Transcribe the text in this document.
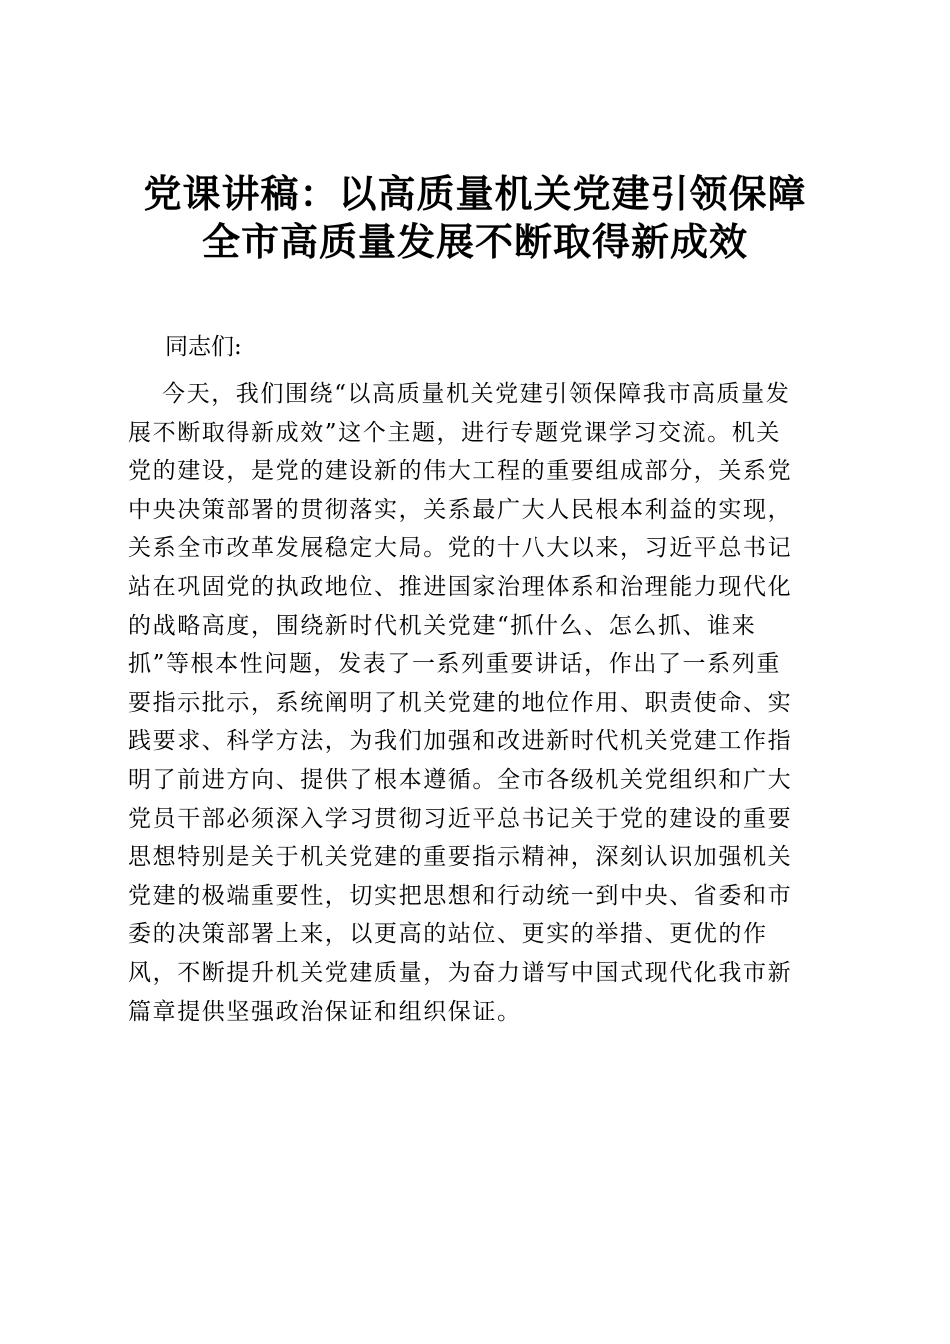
党课讲稿：以高质量机关党建引领保障
全市高质量发展不断取得新成效

同志们:

今天，我们围绕“以高质量机关党建引领保障我市高质量发
展不断取得新成效”这个主题，进行专题党课学习交流。机关
党的建设，是党的建设新的伟大工程的重要组成部分，关系党
中央决策部署的贯彻落实，关系最广大人民根本利益的实现，
关系全市改革发展稳定大局。党的十八大以来，习近平总书记
站在巩固党的执政地位、推进国家治理体系和治理能力现代化
的战略高度，围绕新时代机关党建“抓什么、怎么抓、谁来
抓”等根本性问题，发表了一系列重要讲话，作出了一系列重
要指示批示，系统阐明了机关党建的地位作用、职责使命、实
践要求、科学方法，为我们加强和改进新时代机关党建工作指
明了前进方向、提供了根本遵循。全市各级机关党组织和广大
党员干部必须深入学习贯彻习近平总书记关于党的建设的重要
思想特别是关于机关党建的重要指示精神，深刻认识加强机关
党建的极端重要性，切实把思想和行动统一到中央、省委和市
委的决策部署上来，以更高的站位、更实的举措、更优的作
风，不断提升机关党建质量，为奋力谱写中国式现代化我市新
篇章提供坚强政治保证和组织保证。
